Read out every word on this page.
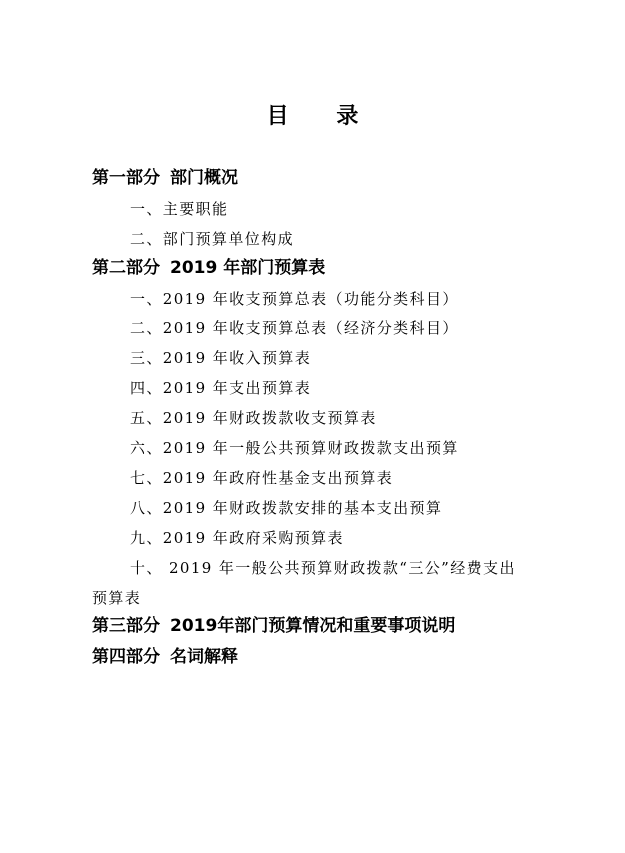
目 录
第一部分 部门概况
一、主要职能
二、部门预算单位构成
第二部分 2019 年部门预算表
一、2019 年收支预算总表（功能分类科目）
二、2019 年收支预算总表（经济分类科目）
三、2019 年收入预算表
四、2019 年支出预算表
五、2019 年财政拨款收支预算表
六、2019 年一般公共预算财政拨款支出预算
七、2019 年政府性基金支出预算表
八、2019 年财政拨款安排的基本支出预算
九、2019 年政府采购预算表
十、 2019 年一般公共预算财政拨款“三公”经费支出
预算表
第三部分 2019年部门预算情况和重要事项说明
第四部分 名词解释
